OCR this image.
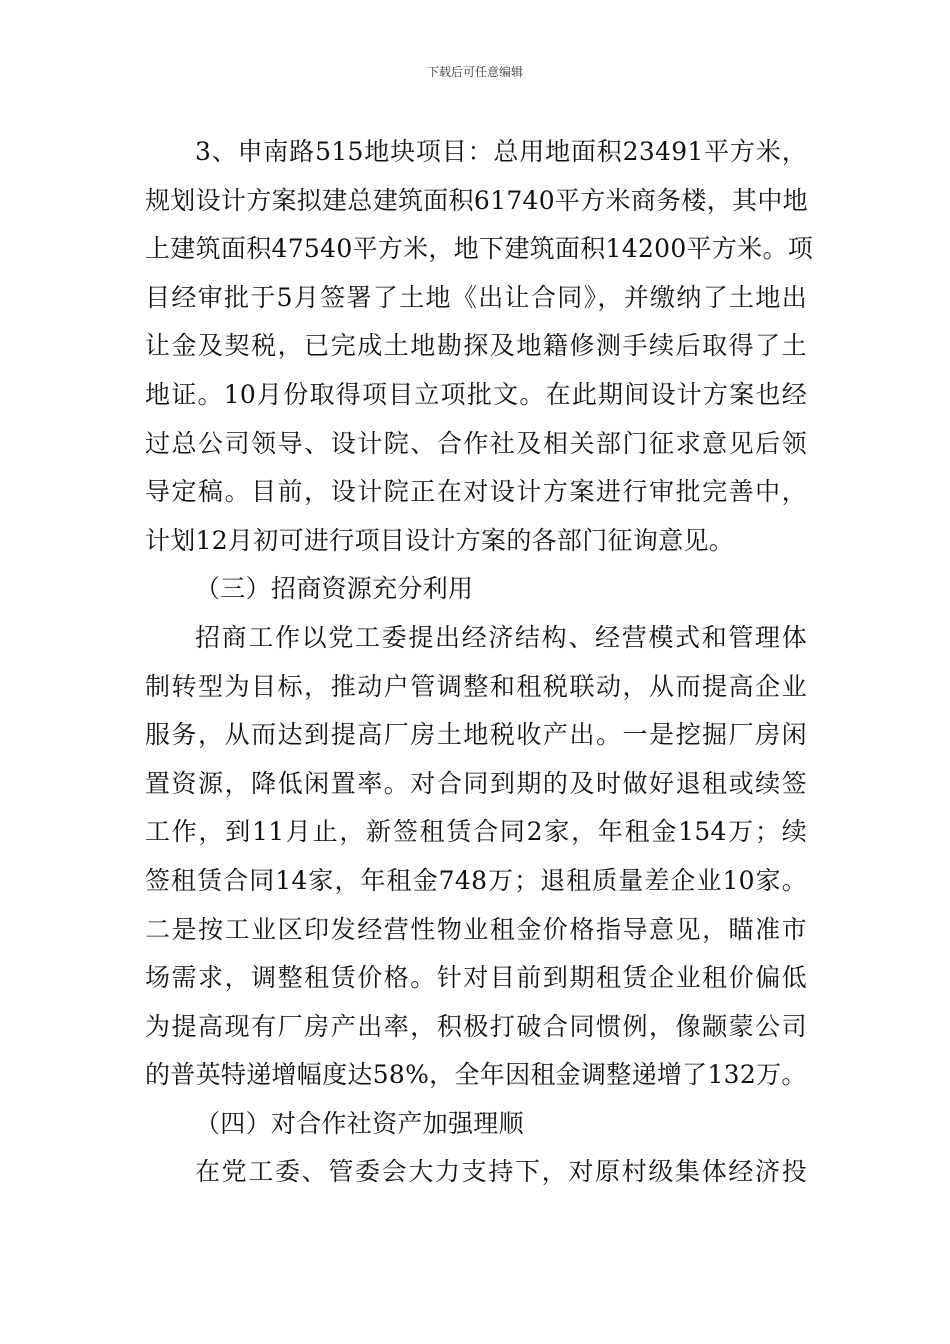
下载后可任意编辑
3、申南路515地块项目：总用地面积23491平方米，
规划设计方案拟建总建筑面积61740平方米商务楼，其中地
上建筑面积47540平方米，地下建筑面积14200平方米。项
目经审批于5月签署了土地《出让合同》，并缴纳了土地出
让金及契税，已完成土地勘探及地籍修测手续后取得了土
地证。10月份取得项目立项批文。在此期间设计方案也经
过总公司领导、设计院、合作社及相关部门征求意见后领
导定稿。目前，设计院正在对设计方案进行审批完善中，
计划12月初可进行项目设计方案的各部门征询意见。
（三）招商资源充分利用
招商工作以党工委提出经济结构、经营模式和管理体
制转型为目标，推动户管调整和租税联动，从而提高企业
服务，从而达到提高厂房土地税收产出。一是挖掘厂房闲
置资源，降低闲置率。对合同到期的及时做好退租或续签
工作，到11月止，新签租赁合同2家，年租金154万；续
签租赁合同14家，年租金748万；退租质量差企业10家。
二是按工业区印发经营性物业租金价格指导意见，瞄准市
场需求，调整租赁价格。针对目前到期租赁企业租价偏低
为提高现有厂房产出率，积极打破合同惯例，像颛蒙公司
的普英特递增幅度达58%，全年因租金调整递增了132万。
（四）对合作社资产加强理顺
在党工委、管委会大力支持下，对原村级集体经济投
